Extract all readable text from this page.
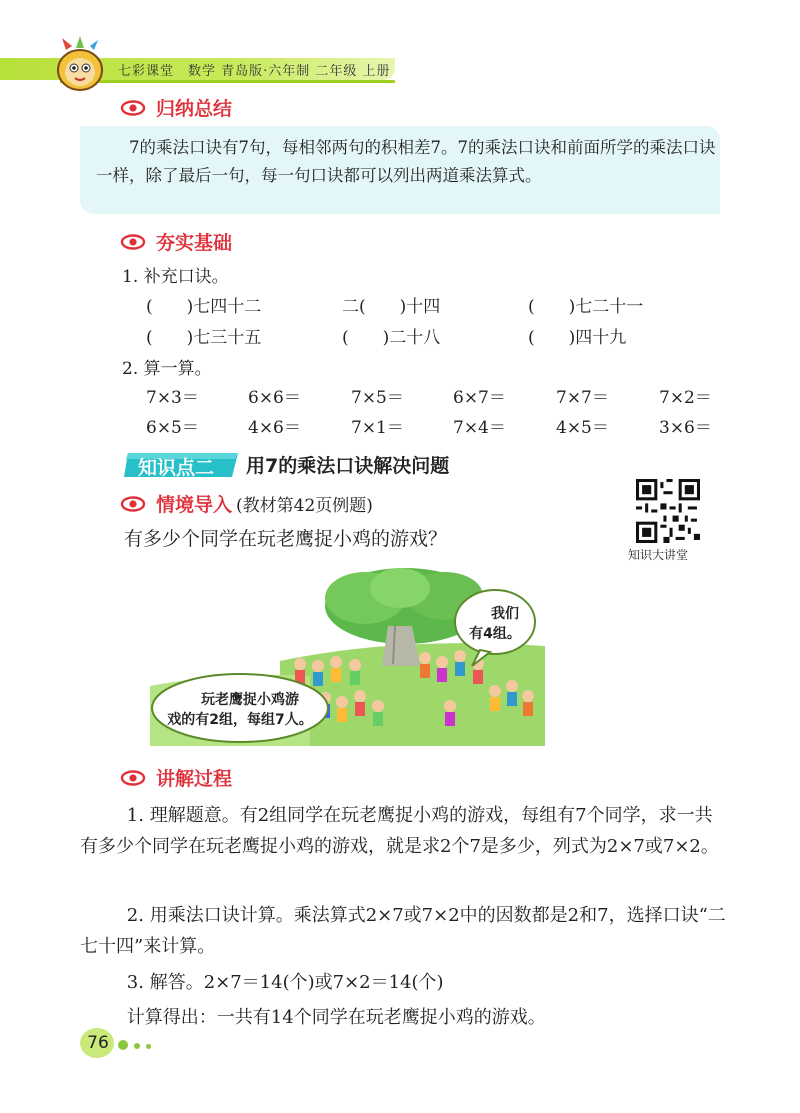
七彩课堂　数学 青岛版·六年制 二年级 上册
归纳总结
7的乘法口诀有7句，每相邻两句的积相差7。7的乘法口诀和前面所学的乘法口诀一样，除了最后一句，每一句口诀都可以列出两道乘法算式。
夯实基础
1. 补充口诀。
(　　)七四十二	二(　　)十四	(　　)七二十一
(　　)七三十五	(　　)二十八	(　　)四十九
2. 算一算。
7×3＝	6×6＝	7×5＝	6×7＝	7×7＝	7×2＝
6×5＝	4×6＝	7×1＝	7×4＝	4×5＝	3×6＝
知识点二 用7的乘法口诀解决问题
情境导入 (教材第42页例题)
知识大讲堂
有多少个同学在玩老鹰捉小鸡的游戏？
我们
有4组。
玩老鹰捉小鸡游
戏的有2组，每组7人。
讲解过程
1. 理解题意。有2组同学在玩老鹰捉小鸡的游戏，每组有7个同学，求一共有多少个同学在玩老鹰捉小鸡的游戏，就是求2个7是多少，列式为2×7或7×2。
2. 用乘法口诀计算。乘法算式2×7或7×2中的因数都是2和7，选择口诀“二七十四”来计算。
3. 解答。2×7＝14(个)或7×2＝14(个)
计算得出：一共有14个同学在玩老鹰捉小鸡的游戏。
76
